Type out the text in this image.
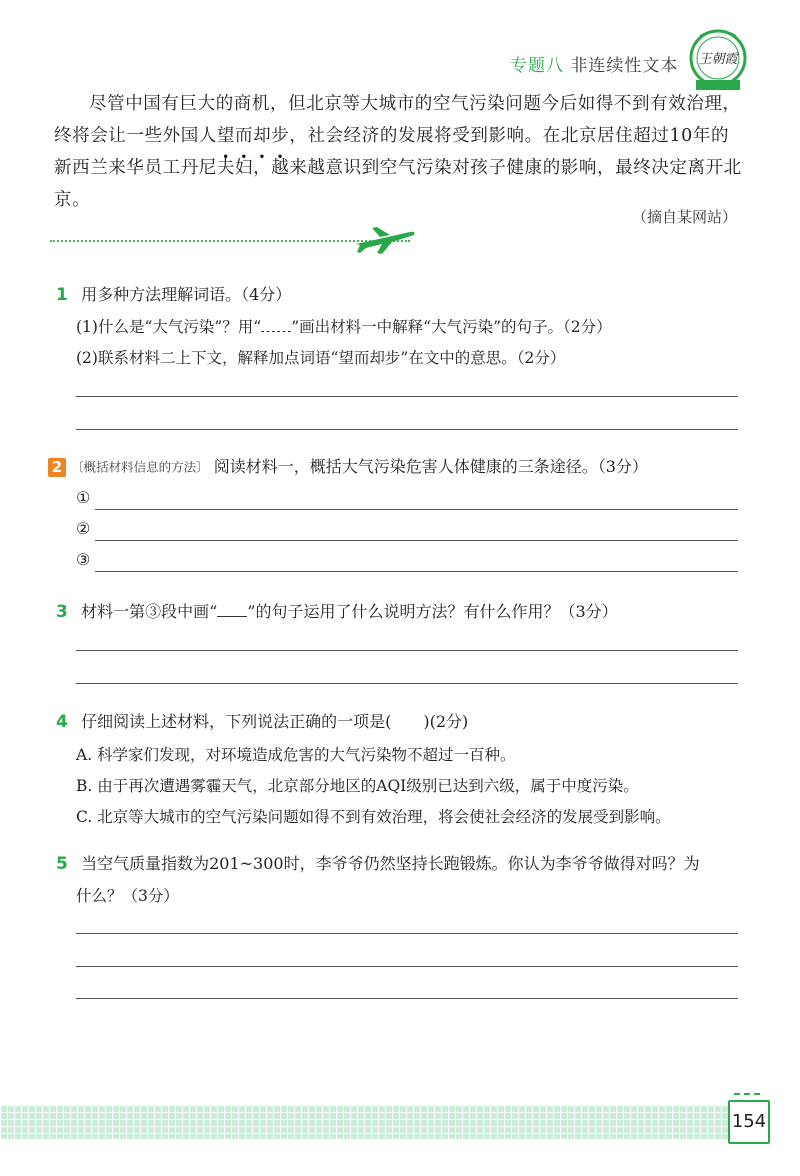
专题八 非连续性文本 王朝霞

尽管中国有巨大的商机，但北京等大城市的空气污染问题今后如得不到有效治理，

终将会让一些外国人望而却步，社会经济的发展将受到影响。在北京居住超过10年的

新西兰来华员工丹尼夫妇，越来越意识到空气污染对孩子健康的影响，最终决定离开北京。

（摘自某网站）
1 用多种方法理解词语。（4分）
(1)什么是“大气污染”？用“ ”画出材料一中解释“大气污染”的句子。（2分）
(2)联系材料二上下文，解释加点词语“望而却步”在文中的意思。（2分）
2 〔概括材料信息的方法〕 阅读材料一，概括大气污染危害人体健康的三条途径。（3分）
①
②
③
3 材料一第③段中画“ ”的句子运用了什么说明方法？有什么作用？（3分）
4 仔细阅读上述材料，下列说法正确的一项是(　　)(2分)
A. 科学家们发现，对环境造成危害的大气污染物不超过一百种。
B. 由于再次遭遇雾霾天气，北京部分地区的AQI级别已达到六级，属于中度污染。
C. 北京等大城市的空气污染问题如得不到有效治理，将会使社会经济的发展受到影响。
5 当空气质量指数为201~300时，李爷爷仍然坚持长跑锻炼。你认为李爷爷做得对吗？为
什么？（3分）
154
